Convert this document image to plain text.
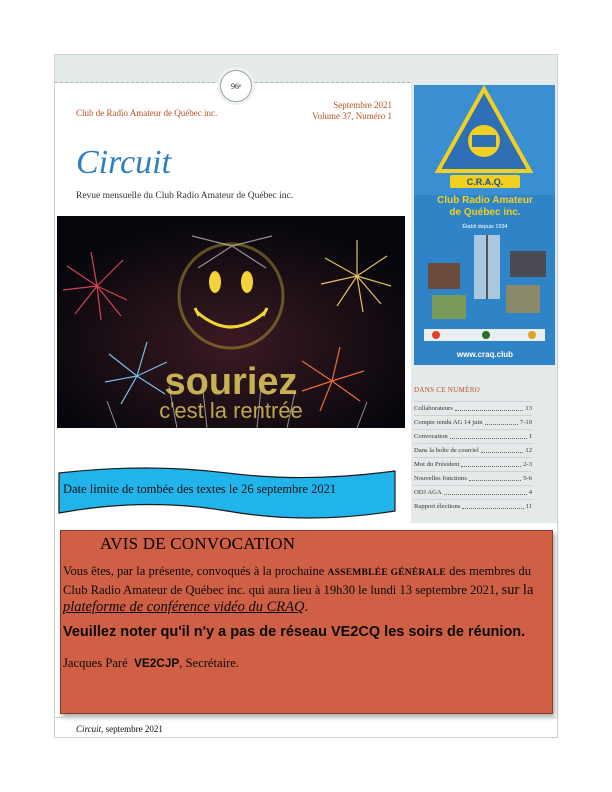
96ᵉ
Club de Radio Amateur de Québec inc.
Septembre 2021
Volume 37, Numéro 1
Circuit
Revue mensuelle du Club Radio Amateur de Québec inc.
souriez
c'est la rentrée
Date limite de tombée des textes le 26 septembre 2021
C.R.A.Q.
Club Radio Amateur
de Québec inc.
Établi depuis 1934
www.craq.club
DANS CE NUMÉRO
Collaborateurs	13
Compte rendu AG 14 juin	7-10
Convocation	1
Dans la boîte de courriel	12
Mot du Président	2-3
Nouvelles fonctions	5-6
ODJ AGA	4
Rapport élections	11
AVIS DE CONVOCATION
Vous êtes, par la présente, convoqués à la prochaine ASSEMBLÉE GÉNÉRALE des membres du Club Radio Amateur de Québec inc. qui aura lieu à 19h30 le lundi 13 septembre 2021, sur la plateforme de conférence vidéo du CRAQ.
Veuillez noter qu'il n'y a pas de réseau VE2CQ les soirs de réunion.
Jacques Paré VE2CJP, Secrétaire.
Circuit, septembre 2021
